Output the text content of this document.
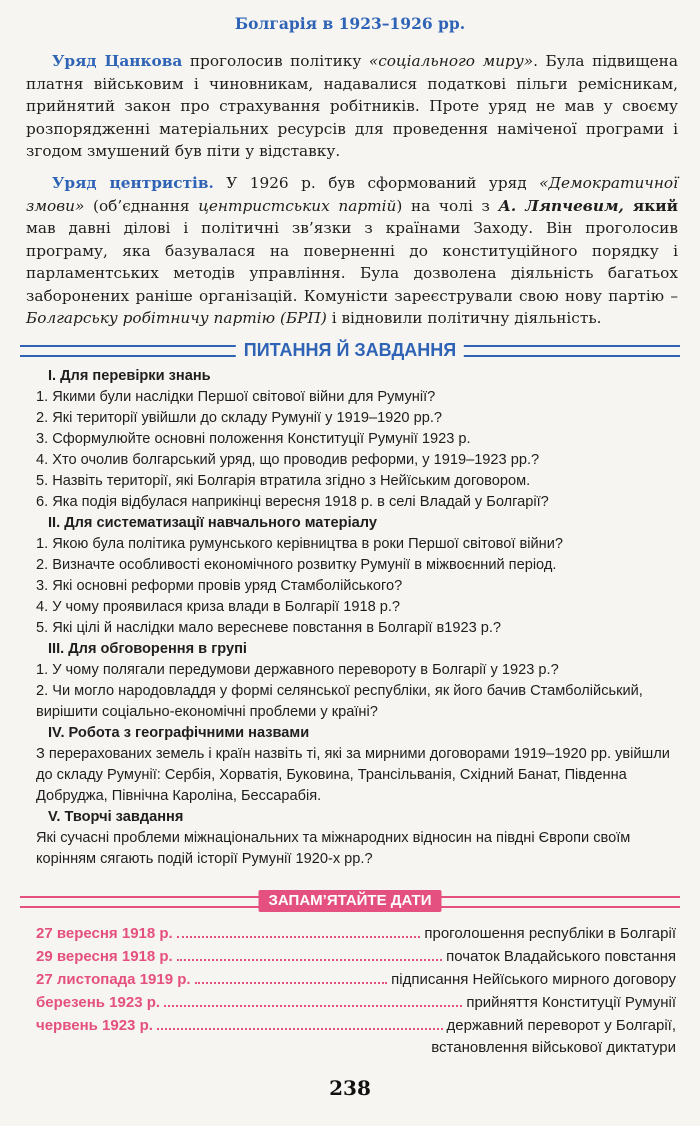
Болгарія в 1923–1926 рр.

Уряд Цанкова проголосив політику «соціального миру». Була підвищена платня військовим і чиновникам, надавалися податкові пільги ремісникам, прийнятий закон про страхування робітників. Проте уряд не мав у своєму розпорядженні матеріальних ресурсів для проведення наміченої програми і згодом змушений був піти у відставку.

Уряд центристів. У 1926 р. був сформований уряд «Демократичної змови» (об’єднання центристських партій) на чолі з А. Ляпчевим, який мав давні ділові і політичні зв’язки з країнами Заходу. Він проголосив програму, яка базувалася на поверненні до конституційного порядку і парламентських методів управління. Була дозволена діяльність багатьох заборонених раніше організацій. Комуністи зареєстрували свою нову партію – Болгарську робітничу партію (БРП) і відновили політичну діяльність.

ПИТАННЯ Й ЗАВДАННЯ
І. Для перевірки знань
1. Якими були наслідки Першої світової війни для Румунії?
2. Які території увійшли до складу Румунії у 1919–1920 рр.?
3. Сформулюйте основні положення Конституції Румунії 1923 р.
4. Хто очолив болгарський уряд, що проводив реформи, у 1919–1923 рр.?
5. Назвіть території, які Болгарія втратила згідно з Нейїським договором.
6. Яка подія відбулася наприкінці вересня 1918 р. в селі Владай у Болгарії?
ІІ. Для систематизації навчального матеріалу
1. Якою була політика румунського керівництва в роки Першої світової війни?
2. Визначте особливості економічного розвитку Румунії в міжвоєнний період.
3. Які основні реформи провів уряд Стамболійського?
4. У чому проявилася криза влади в Болгарії 1918 р.?
5. Які цілі й наслідки мало вересневе повстання в Болгарії в1923 р.?
ІІІ. Для обговорення в групі
1. У чому полягали передумови державного перевороту в Болгарії у 1923 р.?
2. Чи могло народовладдя у формі селянської республіки, як його бачив Стамболійський, вирішити соціально-економічні проблеми у країні?
ІV. Робота з географічними назвами

З перерахованих земель і країн назвіть ті, які за мирними договорами 1919–1920 рр. увійшли до складу Румунії: Сербія, Хорватія, Буковина, Трансільванія, Східний Банат, Південна Добруджа, Північна Кароліна, Бессарабія.

V. Творчі завдання

Які сучасні проблеми міжнаціональних та міжнародних відносин на півдні Європи своїм корінням сягають подій історії Румунії 1920-х рр.?

ЗАПАМ’ЯТАЙТЕ ДАТИ
27 вересня 1918 р.	проголошення республіки в Болгарії
29 вересня 1918 р.	початок Владайського повстання
27 листопада 1919 р.	підписання Нейїського мирного договору
березень 1923 р.	прийняття Конституції Румунії
червень 1923 р.	державний переворот у Болгарії,
встановлення військової диктатури
238
